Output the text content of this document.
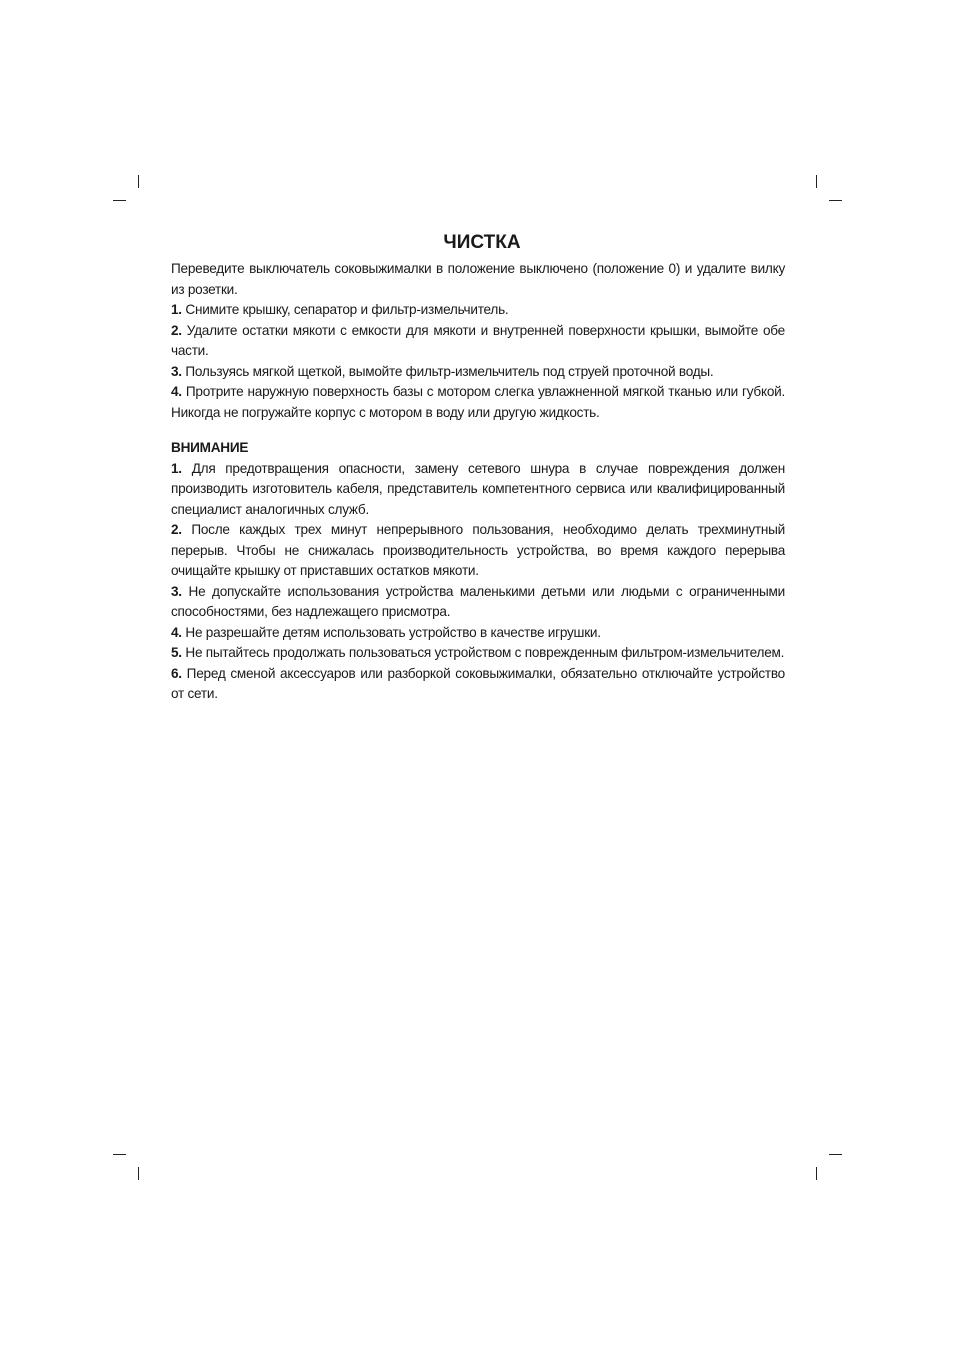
ЧИСТКА

Переведите выключатель соковыжималки в положение выключено (положение 0) и удалите вилку из розетки.

1. Снимите крышку, сепаратор и фильтр-измельчитель.

2. Удалите остатки мякоти с емкости для мякоти и внутренней поверхности крышки, вымойте обе части.

3. Пользуясь мягкой щеткой, вымойте фильтр-измельчитель под струей проточной воды.

4. Протрите наружную поверхность базы с мотором слегка увлажненной мягкой тканью или губкой. Никогда не погружайте корпус с мотором в воду или другую жидкость.

ВНИМАНИЕ

1. Для предотвращения опасности, замену сетевого шнура в случае повреждения должен производить изготовитель кабеля, представитель компетентного сервиса или квалифицированный специалист аналогичных служб.

2. После каждых трех минут непрерывного пользования, необходимо делать трехминутный перерыв. Чтобы не снижалась производительность устройства, во время каждого перерыва очищайте крышку от приставших остатков мякоти.

3. Не допускайте использования устройства маленькими детьми или людьми с ограниченными способностями, без надлежащего присмотра.

4. Не разрешайте детям использовать устройство в качестве игрушки.

5. Не пытайтесь продолжать пользоваться устройством с поврежденным фильтром-измельчителем.

6. Перед сменой аксессуаров или разборкой соковыжималки, обязательно отключайте устройство от сети.
